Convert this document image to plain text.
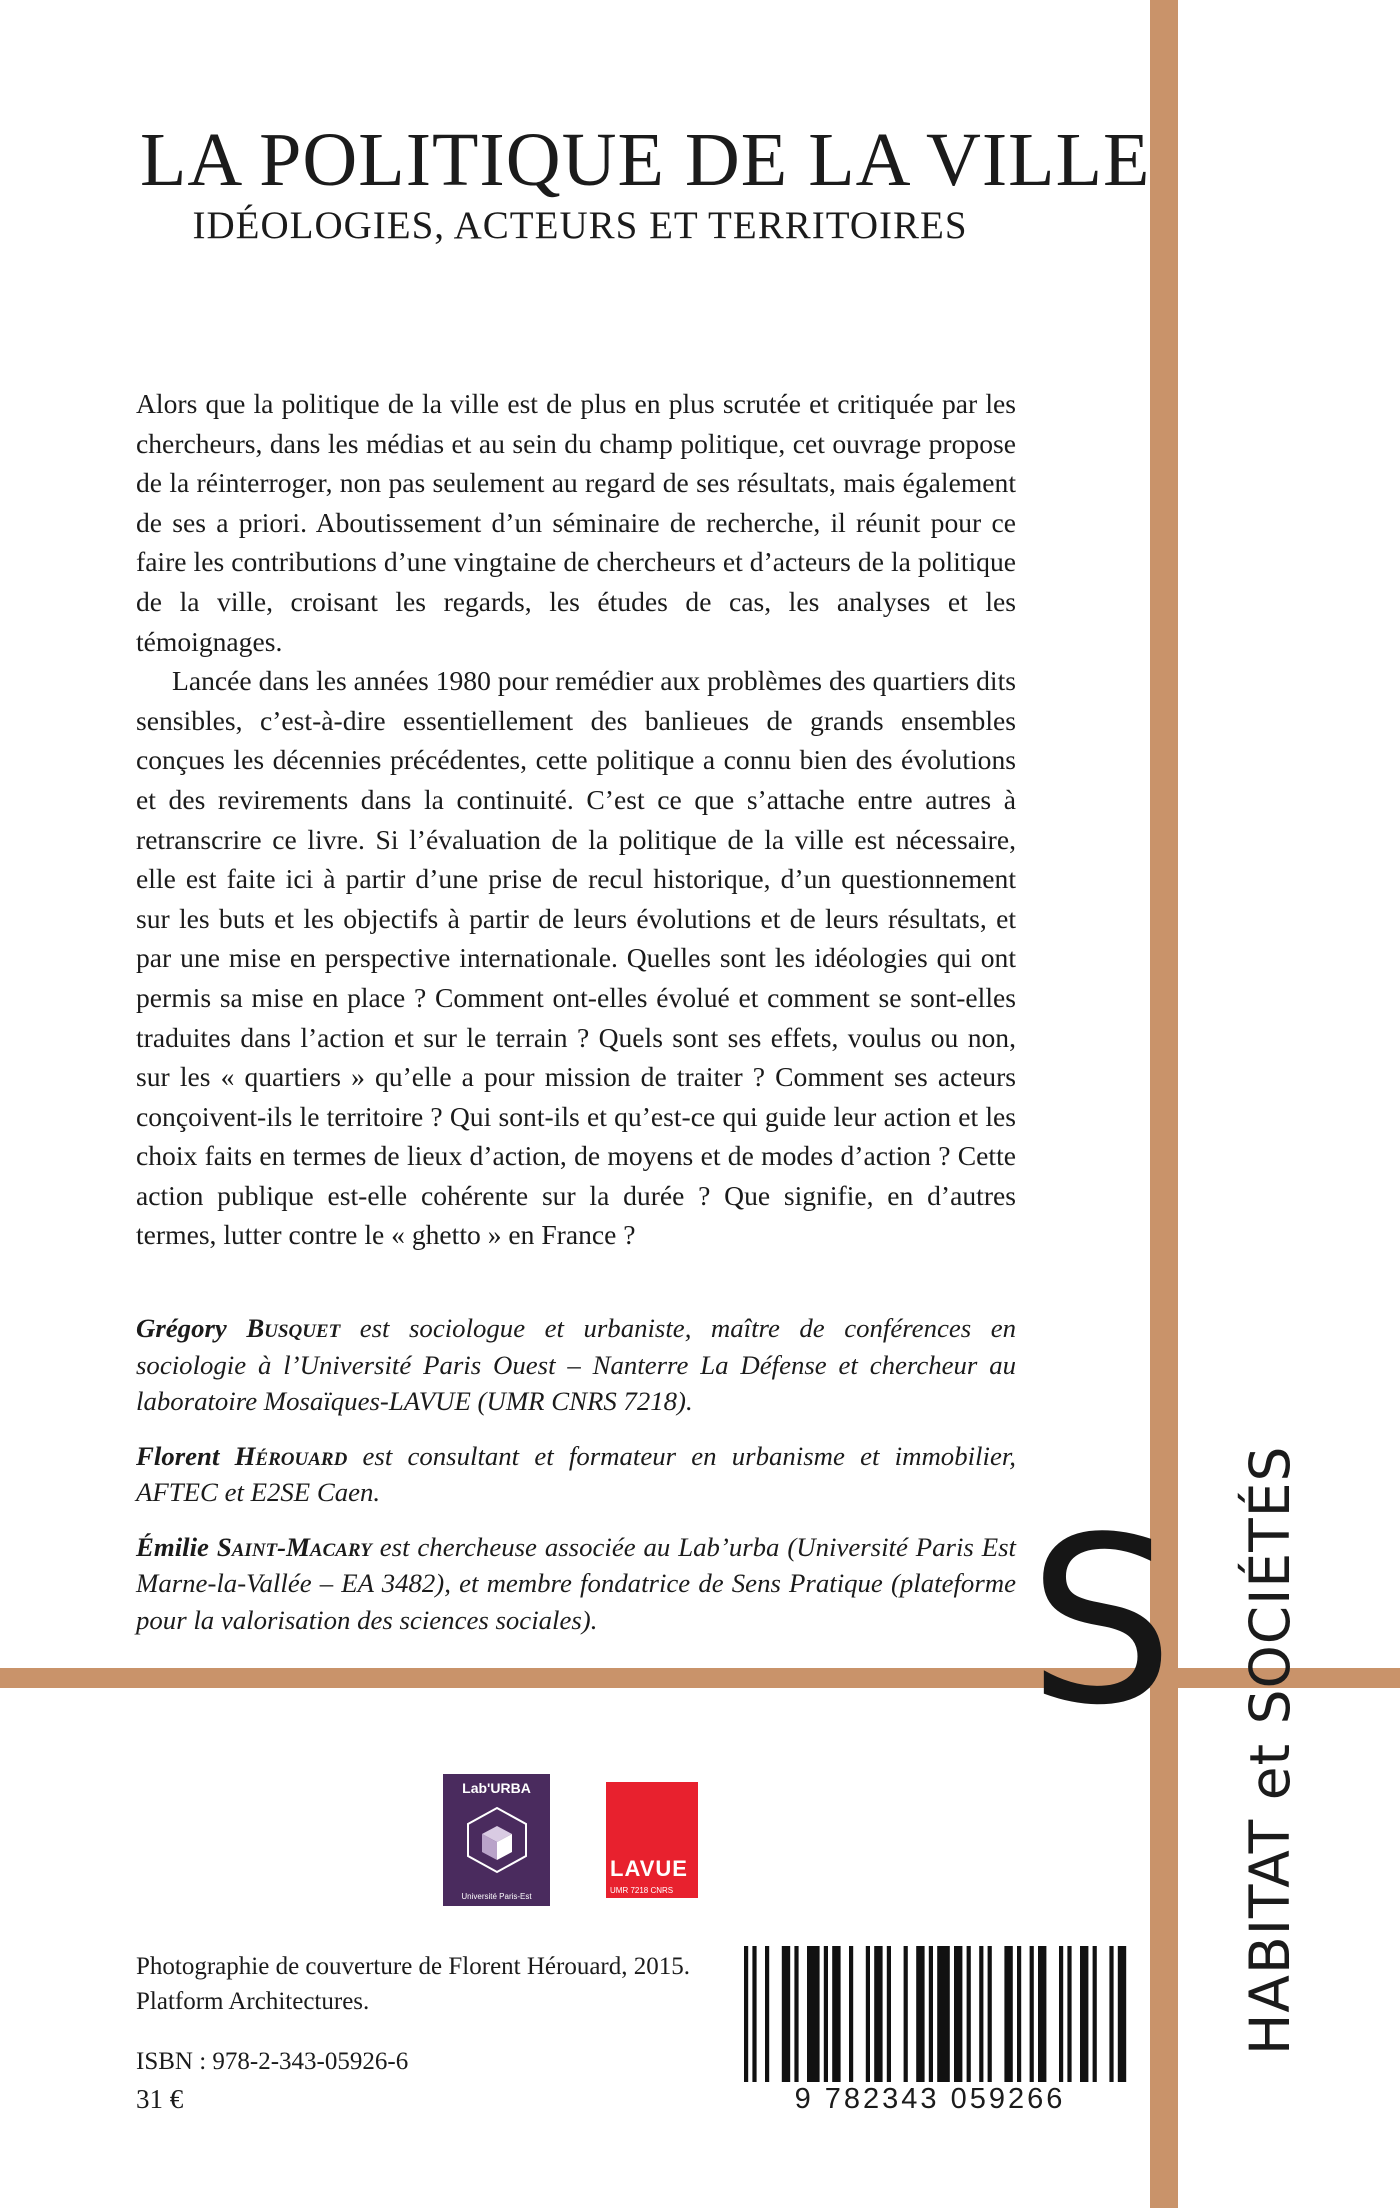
LA POLITIQUE DE LA VILLE
IDÉOLOGIES, ACTEURS ET TERRITOIRES

Alors que la politique de la ville est de plus en plus scrutée et critiquée par les chercheurs, dans les médias et au sein du champ politique, cet ouvrage propose de la réinterroger, non pas seulement au regard de ses résultats, mais également de ses a priori. Aboutissement d’un séminaire de recherche, il réunit pour ce faire les contributions d’une vingtaine de chercheurs et d’acteurs de la politique de la ville, croisant les regards, les études de cas, les analyses et les témoignages.

Lancée dans les années 1980 pour remédier aux problèmes des quartiers dits sensibles, c’est-à-dire essentiellement des banlieues de grands ensembles conçues les décennies précédentes, cette politique a connu bien des évolutions et des revirements dans la continuité. C’est ce que s’attache entre autres à retranscrire ce livre. Si l’évaluation de la politique de la ville est nécessaire, elle est faite ici à partir d’une prise de recul historique, d’un questionnement sur les buts et les objectifs à partir de leurs évolutions et de leurs résultats, et par une mise en perspective internationale. Quelles sont les idéologies qui ont permis sa mise en place ? Comment ont-elles évolué et comment se sont-elles traduites dans l’action et sur le terrain ? Quels sont ses effets, voulus ou non, sur les « quartiers » qu’elle a pour mission de traiter ? Comment ses acteurs conçoivent-ils le territoire ? Qui sont-ils et qu’est-ce qui guide leur action et les choix faits en termes de lieux d’action, de moyens et de modes d’action ? Cette action publique est-elle cohérente sur la durée ? Que signifie, en d’autres termes, lutter contre le « ghetto » en France ?

Grégory Busquet est sociologue et urbaniste, maître de conférences en sociologie à l’Université Paris Ouest – Nanterre La Défense et chercheur au laboratoire Mosaïques-LAVUE (UMR CNRS 7218).

Florent Hérouard est consultant et formateur en urbanisme et immobilier, AFTEC et E2SE Caen.

Émilie Saint-Macary est chercheuse associée au Lab’urba (Université Paris Est Marne-la-Vallée – EA 3482), et membre fondatrice de Sens Pratique (plateforme pour la valorisation des sciences sociales).	S HABITAT et SOCIÉTÉS
Lab'URBA
Université Paris-Est
LAVUE
UMR 7218 CNRS
Photographie de couverture de Florent Hérouard, 2015.
Platform Architectures.
ISBN : 978-2-343-05926-6
31 €	9 782343 059266
